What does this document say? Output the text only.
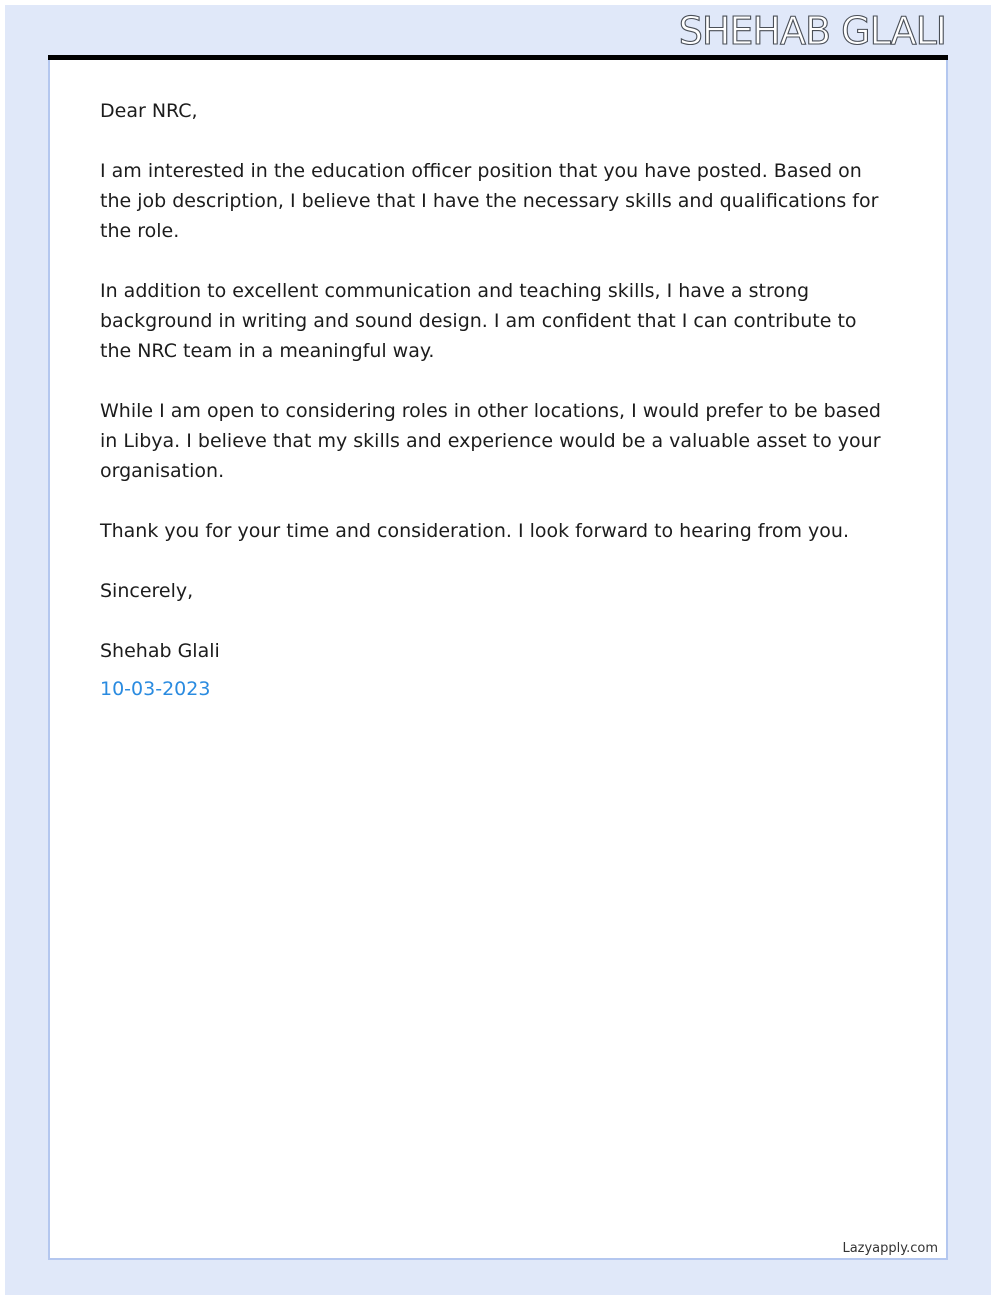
SHEHAB GLALI

Dear NRC,

I am interested in the education officer position that you have posted. Based on the job description, I believe that I have the necessary skills and qualifications for the role.

In addition to excellent communication and teaching skills, I have a strong background in writing and sound design. I am confident that I can contribute to the NRC team in a meaningful way.

While I am open to considering roles in other locations, I would prefer to be based in Libya. I believe that my skills and experience would be a valuable asset to your organisation.

Thank you for your time and consideration. I look forward to hearing from you.

Sincerely,

Shehab Glali

10-03-2023

Lazyapply.com
